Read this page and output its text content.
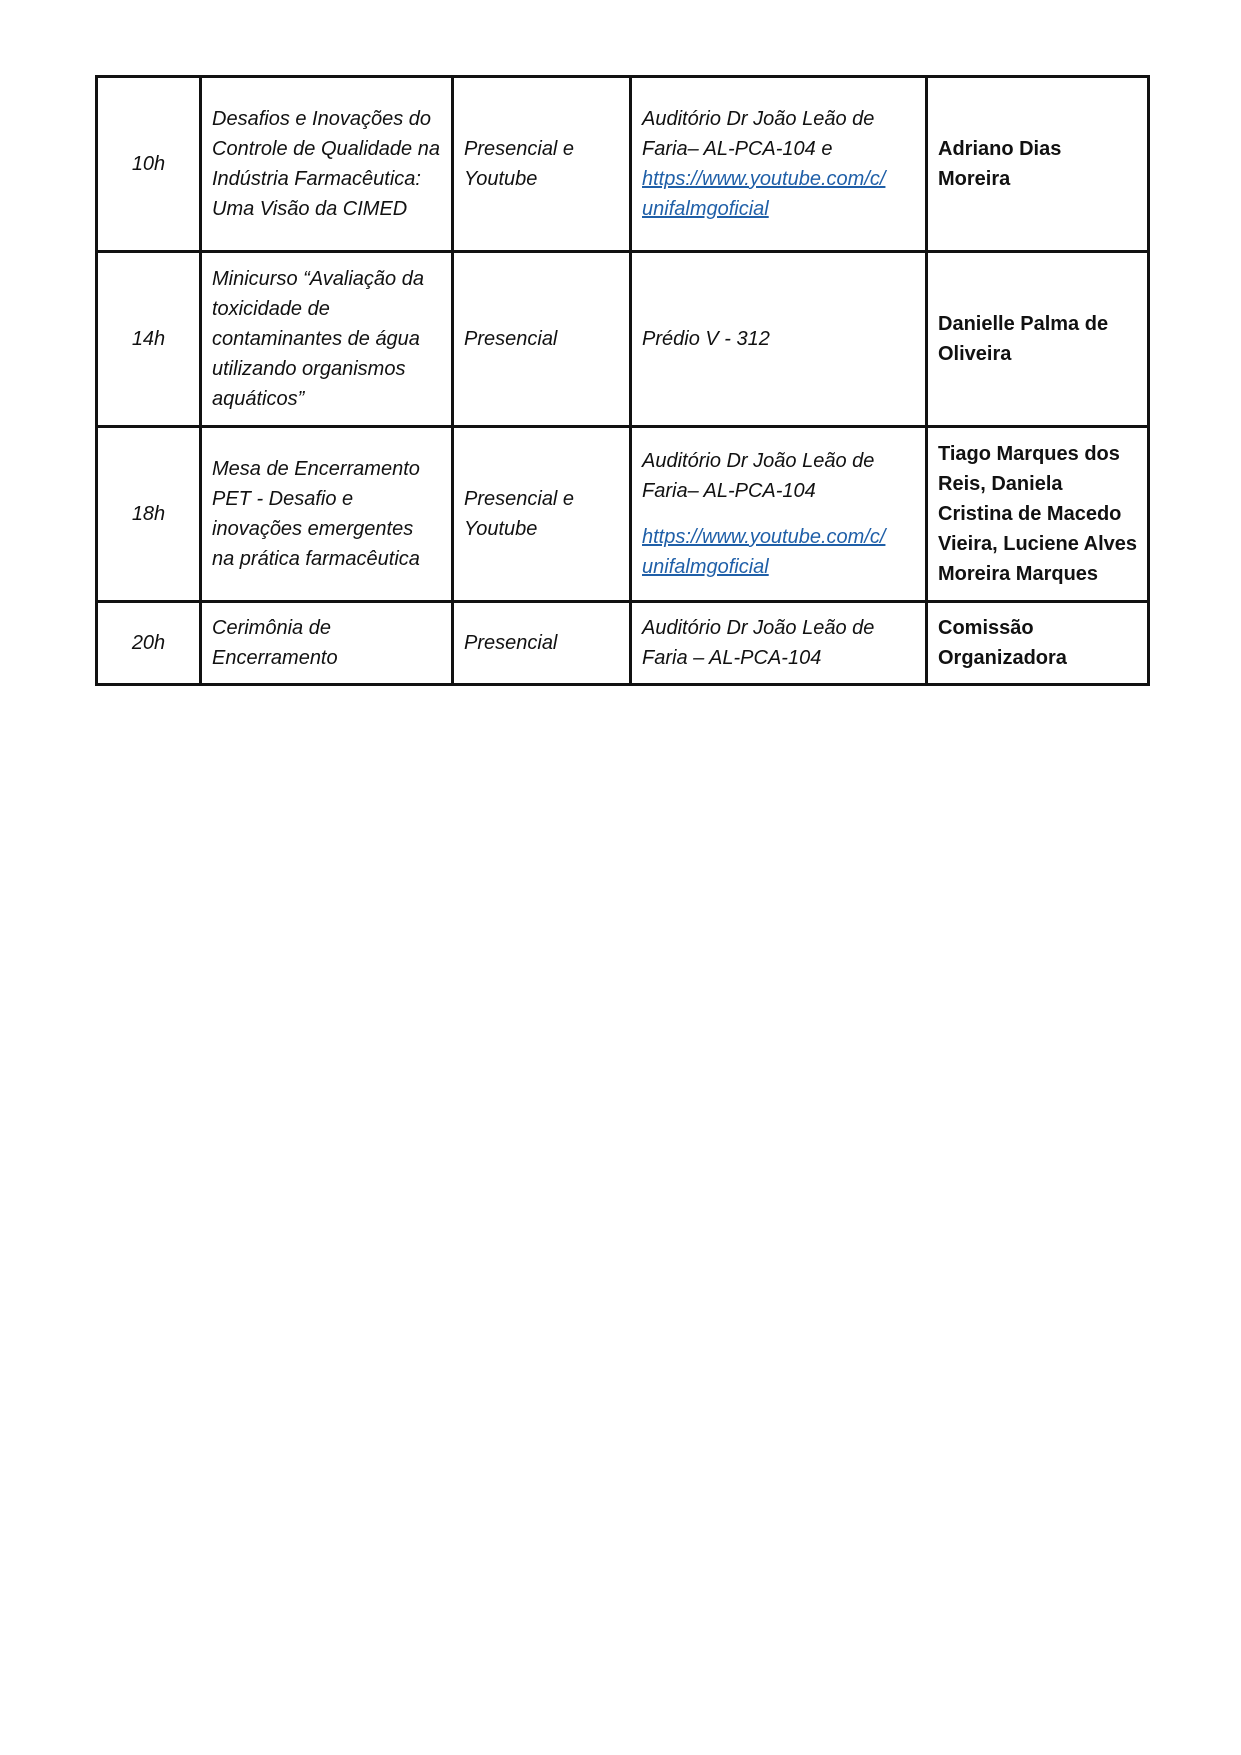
10h	Desafios e Inovações do Controle de Qualidade na Indústria Farmacêutica: Uma Visão da CIMED	Presencial e Youtube	Auditório Dr João Leão de Faria– AL-PCA-104 e
https://www.youtube.com/c/
unifalmgoficial	Adriano Dias Moreira
14h	Minicurso “Avaliação da toxicidade de contaminantes de água utilizando organismos aquáticos”	Presencial	Prédio V - 312	Danielle Palma de Oliveira
18h	Mesa de Encerramento PET - Desafio e inovações emergentes na prática farmacêutica	Presencial e Youtube	Auditório Dr João Leão de Faria– AL-PCA-104
https://www.youtube.com/c/
unifalmgoficial	Tiago Marques dos Reis, Daniela Cristina de Macedo Vieira, Luciene Alves Moreira Marques
20h	Cerimônia de Encerramento	Presencial	Auditório Dr João Leão de Faria – AL-PCA-104	Comissão Organizadora
